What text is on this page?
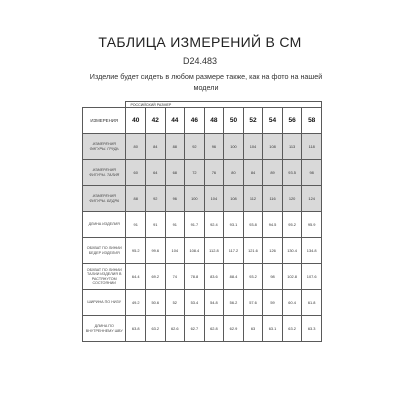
ТАБЛИЦА ИЗМЕРЕНИЙ В СМ
D24.483
Изделие будет сидеть в любом размере также, как на фото на нашей модели
	РОССИЙСКИЙ РАЗМЕР									
ИЗМЕРЕНИЯ	40	42	44	46	48	50	52	54	56	58
ИЗМЕРЕНИЯ ФИГУРЫ. ГРУДЬ	80	84	88	92	96	100	104	108	113	118
ИЗМЕРЕНИЯ ФИГУРЫ. ТАЛИЯ	60	64	68	72	76	80	84	89	93.5	98
ИЗМЕРЕНИЯ ФИГУРЫ. БЕДРА	88	92	96	100	104	108	112	116	120	124
ДЛИНА ИЗДЕЛИЯ	91	91	91	91.7	92.4	93.1	93.8	94.5	95.2	95.9
ОБХВАТ ПО ЛИНИИ БЕДЕР ИЗДЕЛИЯ	95.2	99.6	104	108.4	112.8	117.2	121.6	126	130.4	134.8
ОБХВАТ ПО ЛИНИИ ТАЛИИ ИЗДЕЛИЯ В РАСТЯНУТОМ СОСТОЯНИИ	64.4	69.2	74	78.8	83.6	88.4	93.2	98	102.8	107.6
ШИРИНА ПО НИЗУ	49.2	50.6	52	53.4	54.8	56.2	57.6	59	60.4	61.8
ДЛИНА ПО ВНУТРЕННЕМУ ШВУ	63.8	63.2	62.6	62.7	62.8	62.9	63	63.1	63.2	63.3
